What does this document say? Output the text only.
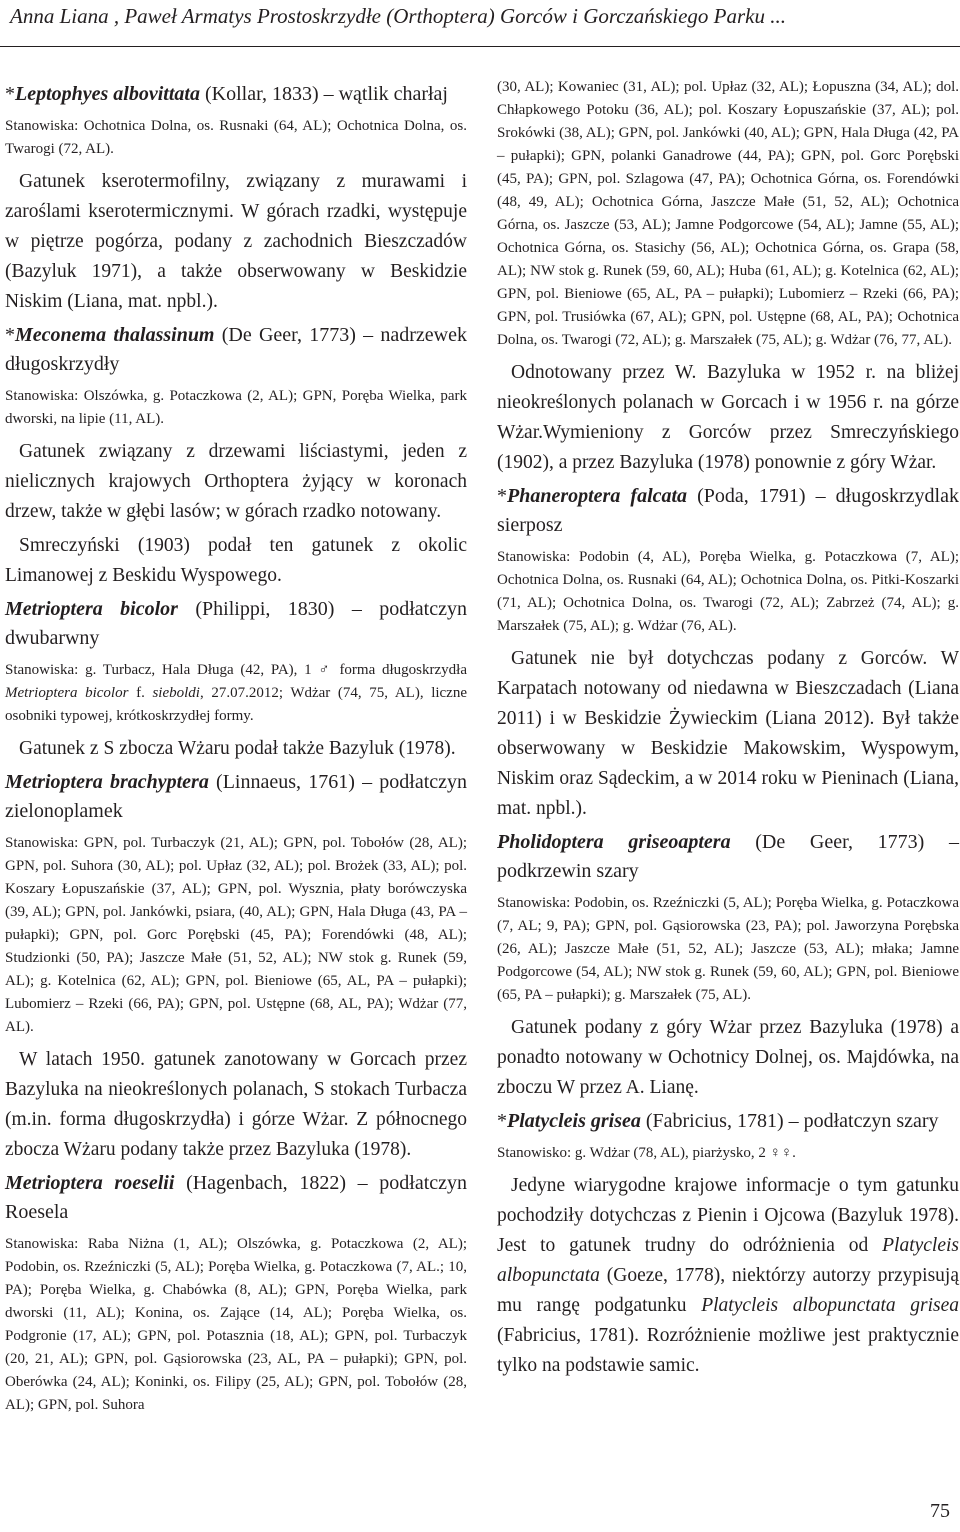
Anna Liana , Paweł Armatys Prostoskrzydłe (Orthoptera) Gorców i Gorczańskiego Parku ...
*Leptophyes albovittata (Kollar, 1833) – wątlik charłaj
Stanowiska: Ochotnica Dolna, os. Rusnaki (64, AL); Ochotnica Dolna, os. Twarogi (72, AL).
Gatunek kserotermofilny, związany z murawami i zaroślami kserotermicznymi. W górach rzadki, występuje w piętrze pogórza, podany z zachodnich Bieszczadów (Bazyluk 1971), a także obserwowany w Beskidzie Niskim (Liana, mat. npbl.).
*Meconema thalassinum (De Geer, 1773) – nadrzewek długoskrzydły
Stanowiska: Olszówka, g. Potaczkowa (2, AL); GPN, Poręba Wielka, park dworski, na lipie (11, AL).
Gatunek związany z drzewami liściastymi, jeden z nielicznych krajowych Orthoptera żyjący w koronach drzew, także w głębi lasów; w górach rzadko notowany.
Smreczyński (1903) podał ten gatunek z okolic Limanowej z Beskidu Wyspowego.
Metrioptera bicolor (Philippi, 1830) – podłatczyn dwubarwny
Stanowiska: g. Turbacz, Hala Długa (42, PA), 1 ♂ forma długoskrzydła Metrioptera bicolor f. sieboldi, 27.07.2012; Wdżar (74, 75, AL), liczne osobniki typowej, krótkoskrzydłej formy.
Gatunek z S zbocza Wżaru podał także Bazyluk (1978).
Metrioptera brachyptera (Linnaeus, 1761) – podłatczyn zielonoplamek
Stanowiska: GPN, pol. Turbaczyk (21, AL); GPN, pol. Tobołów (28, AL); GPN, pol. Suhora (30, AL); pol. Upłaz (32, AL); pol. Brożek (33, AL); pol. Koszary Łopuszańskie (37, AL); GPN, pol. Wysznia, płaty borówczyska (39, AL); GPN, pol. Jankówki, psiara, (40, AL); GPN, Hala Długa (43, PA – pułapki); GPN, pol. Gorc Porębski (45, PA); Forendówki (48, AL); Studzionki (50, PA); Jaszcze Małe (51, 52, AL); NW stok g. Runek (59, AL); g. Kotelnica (62, AL); GPN, pol. Bieniowe (65, AL, PA – pułapki); Lubomierz – Rzeki (66, PA); GPN, pol. Ustępne (68, AL, PA); Wdżar (77, AL).
W latach 1950. gatunek zanotowany w Gorcach przez Bazyluka na nieokreślonych polanach, S stokach Turbacza (m.in. forma długoskrzydła) i górze Wżar. Z północnego zbocza Wżaru podany także przez Bazyluka (1978).
Metrioptera roeselii (Hagenbach, 1822) – podłatczyn Roesela
Stanowiska: Raba Niżna (1, AL); Olszówka, g. Potaczkowa (2, AL); Podobin, os. Rzeźniczki (5, AL); Poręba Wielka, g. Potaczkowa (7, AL.; 10, PA); Poręba Wielka, g. Chabówka (8, AL); GPN, Poręba Wielka, park dworski (11, AL); Konina, os. Zające (14, AL); Poręba Wielka, os. Podgronie (17, AL); GPN, pol. Potasznia (18, AL); GPN, pol. Turbaczyk (20, 21, AL); GPN, pol. Gąsiorowska (23, AL, PA – pułapki); GPN, pol. Oberówka (24, AL); Koninki, os. Filipy (25, AL); GPN, pol. Tobołów (28, AL); GPN, pol. Suhora
(30, AL); Kowaniec (31, AL); pol. Upłaz (32, AL); Łopuszna (34, AL); dol. Chłapkowego Potoku (36, AL); pol. Koszary Łopuszańskie (37, AL); pol. Srokówki (38, AL); GPN, pol. Jankówki (40, AL); GPN, Hala Długa (42, PA – pułapki); GPN, polanki Ganadrowe (44, PA); GPN, pol. Gorc Porębski (45, PA); GPN, pol. Szlagowa (47, PA); Ochotnica Górna, os. Forendówki (48, 49, AL); Ochotnica Górna, Jaszcze Małe (51, 52, AL); Ochotnica Górna, os. Jaszcze (53, AL); Jamne Podgorcowe (54, AL); Jamne (55, AL); Ochotnica Górna, os. Stasichy (56, AL); Ochotnica Górna, os. Grapa (58, AL); NW stok g. Runek (59, 60, AL); Huba (61, AL); g. Kotelnica (62, AL); GPN, pol. Bieniowe (65, AL, PA – pułapki); Lubomierz – Rzeki (66, PA); GPN, pol. Trusiówka (67, AL); GPN, pol. Ustępne (68, AL, PA); Ochotnica Dolna, os. Twarogi (72, AL); g. Marszałek (75, AL); g. Wdżar (76, 77, AL).
Odnotowany przez W. Bazyluka w 1952 r. na bliżej nieokreślonych polanach w Gorcach i w 1956 r. na górze Wżar.Wymieniony z Gorców przez Smreczyńskiego (1902), a przez Bazyluka (1978) ponownie z góry Wżar.
*Phaneroptera falcata (Poda, 1791) – długoskrzydlak sierposz
Stanowiska: Podobin (4, AL), Poręba Wielka, g. Potaczkowa (7, AL); Ochotnica Dolna, os. Rusnaki (64, AL); Ochotnica Dolna, os. Pitki-Koszarki (71, AL); Ochotnica Dolna, os. Twarogi (72, AL); Zabrzeż (74, AL); g. Marszałek (75, AL); g. Wdżar (76, AL).
Gatunek nie był dotychczas podany z Gorców. W Karpatach notowany od niedawna w Bieszczadach (Liana 2011) i w Beskidzie Żywieckim (Liana 2012). Był także obserwowany w Beskidzie Makowskim, Wyspowym, Niskim oraz Sądeckim, a w 2014 roku w Pieninach (Liana, mat. npbl.).
Pholidoptera griseoaptera (De Geer, 1773) – podkrzewin szary
Stanowiska: Podobin, os. Rzeźniczki (5, AL); Poręba Wielka, g. Potaczkowa (7, AL; 9, PA); GPN, pol. Gąsiorowska (23, PA); pol. Jaworzyna Porębska (26, AL); Jaszcze Małe (51, 52, AL); Jaszcze (53, AL); młaka; Jamne Podgorcowe (54, AL); NW stok g. Runek (59, 60, AL); GPN, pol. Bieniowe (65, PA – pułapki); g. Marszałek (75, AL).
Gatunek podany z góry Wżar przez Bazyluka (1978) a ponadto notowany w Ochotnicy Dolnej, os. Majdówka, na zboczu W przez A. Lianę.
*Platycleis grisea (Fabricius, 1781) – podłatczyn szary
Stanowisko: g. Wdżar (78, AL), piarżysko, 2 ♀♀.
Jedyne wiarygodne krajowe informacje o tym gatunku pochodziły dotychczas z Pienin i Ojcowa (Bazyluk 1978). Jest to gatunek trudny do odróżnienia od Platycleis albopunctata (Goeze, 1778), niektórzy autorzy przypisują mu rangę podgatunku Platycleis albopunctata grisea (Fabricius, 1781). Rozróżnienie możliwe jest praktycznie tylko na podstawie samic.
75
